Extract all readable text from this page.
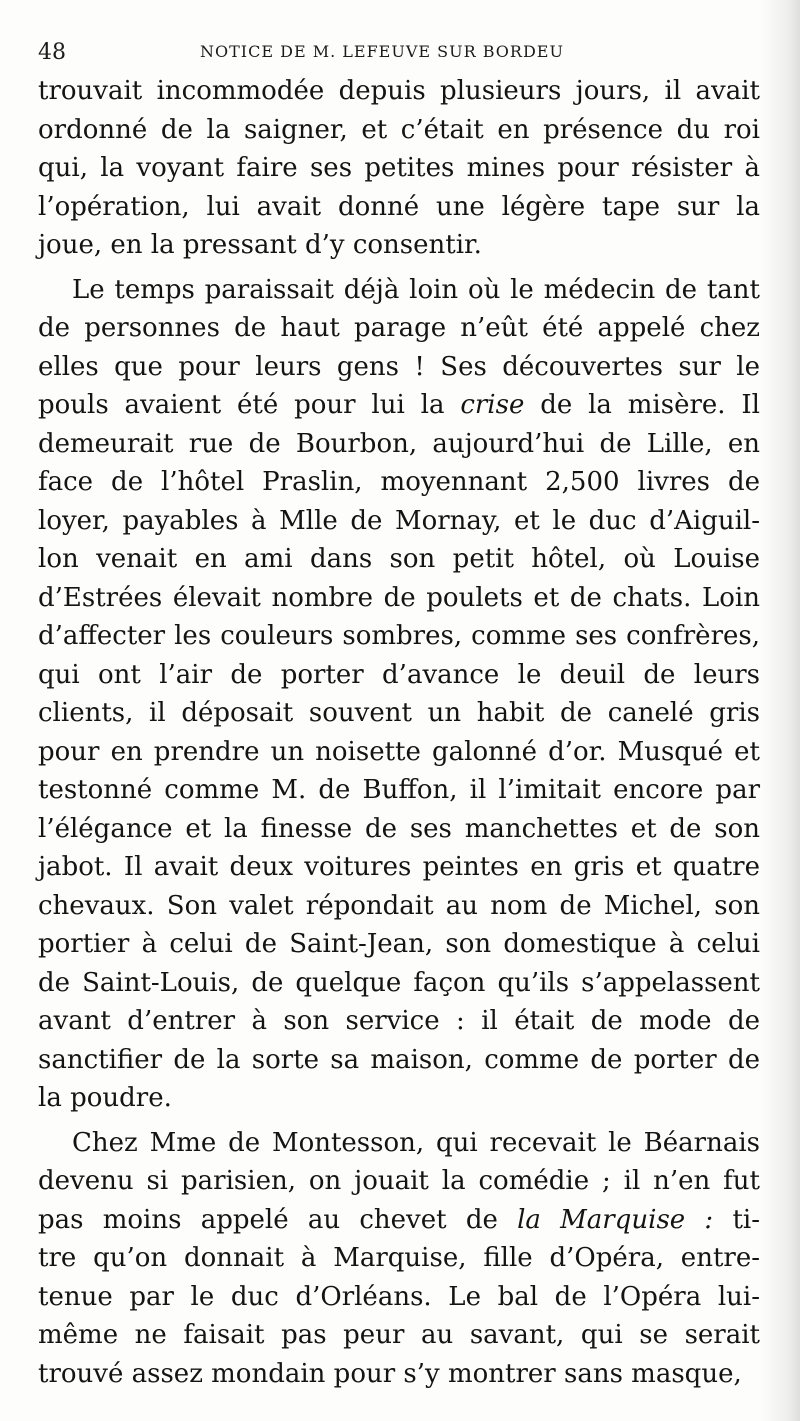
48	NOTICE DE M. LEFEUVE SUR BORDEU
trouvait incommodée depuis plusieurs jours, il avait
ordonné de la saigner, et c’était en présence du roi
qui, la voyant faire ses petites mines pour résister à
l’opération, lui avait donné une légère tape sur la
joue, en la pressant d’y consentir.
Le temps paraissait déjà loin où le médecin de tant
de personnes de haut parage n’eût été appelé chez
elles que pour leurs gens ! Ses découvertes sur le
pouls avaient été pour lui la crise de la misère. Il
demeurait rue de Bourbon, aujourd’hui de Lille, en
face de l’hôtel Praslin, moyennant 2,500 livres de
loyer, payables à Mlle de Mornay, et le duc d’Aiguil-
lon venait en ami dans son petit hôtel, où Louise
d’Estrées élevait nombre de poulets et de chats. Loin
d’affecter les couleurs sombres, comme ses confrères,
qui ont l’air de porter d’avance le deuil de leurs
clients, il déposait souvent un habit de canelé gris
pour en prendre un noisette galonné d’or. Musqué et
testonné comme M. de Buffon, il l’imitait encore par
l’élégance et la finesse de ses manchettes et de son
jabot. Il avait deux voitures peintes en gris et quatre
chevaux. Son valet répondait au nom de Michel, son
portier à celui de Saint-Jean, son domestique à celui
de Saint-Louis, de quelque façon qu’ils s’appelassent
avant d’entrer à son service : il était de mode de
sanctifier de la sorte sa maison, comme de porter de
la poudre.
Chez Mme de Montesson, qui recevait le Béarnais
devenu si parisien, on jouait la comédie ; il n’en fut
pas moins appelé au chevet de la Marquise : ti-
tre qu’on donnait à Marquise, fille d’Opéra, entre-
tenue par le duc d’Orléans. Le bal de l’Opéra lui-
même ne faisait pas peur au savant, qui se serait
trouvé assez mondain pour s’y montrer sans masque,
